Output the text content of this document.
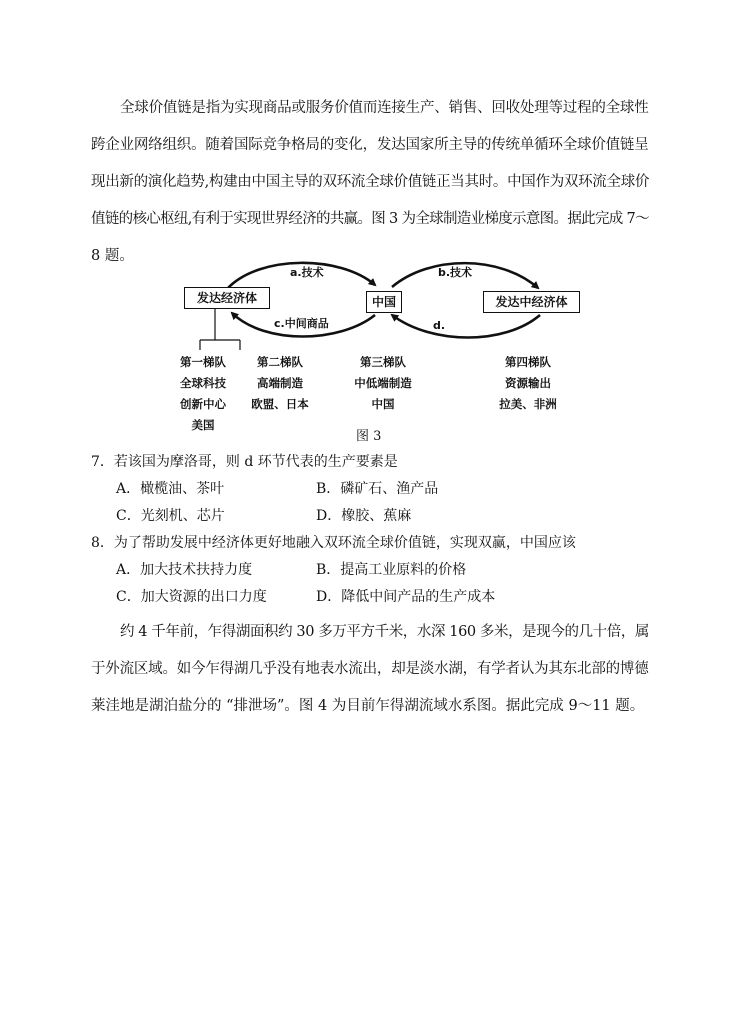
全球价值链是指为实现商品或服务价值而连接生产、销售、回收处理等过程的全球性
跨企业网络组织。随着国际竞争格局的变化，发达国家所主导的传统单循环全球价值链呈
现出新的演化趋势,构建由中国主导的双环流全球价值链正当其时。中国作为双环流全球价
值链的核心枢纽,有利于实现世界经济的共赢。图 3 为全球制造业梯度示意图。据此完成 7～
8 题。
发达经济体	中国	发达中经济体
a.技术	b.技术
c.中间商品	d.
第一梯队
全球科技
创新中心
美国
第二梯队
高端制造
欧盟、日本
第三梯队
中低端制造
中国
第四梯队
资源输出
拉美、非洲
图 3
7．若该国为摩洛哥，则 d 环节代表的生产要素是
A．橄榄油、茶叶	B．磷矿石、渔产品
C．光刻机、芯片	D．橡胶、蕉麻
8．为了帮助发展中经济体更好地融入双环流全球价值链，实现双赢，中国应该
A．加大技术扶持力度	B．提高工业原料的价格
C．加大资源的出口力度	D．降低中间产品的生产成本
约 4 千年前，乍得湖面积约 30 多万平方千米，水深 160 多米，是现今的几十倍，属
于外流区域。如今乍得湖几乎没有地表水流出，却是淡水湖，有学者认为其东北部的博德
莱洼地是湖泊盐分的 “排泄场”。图 4 为目前乍得湖流域水系图。据此完成 9～11 题。
